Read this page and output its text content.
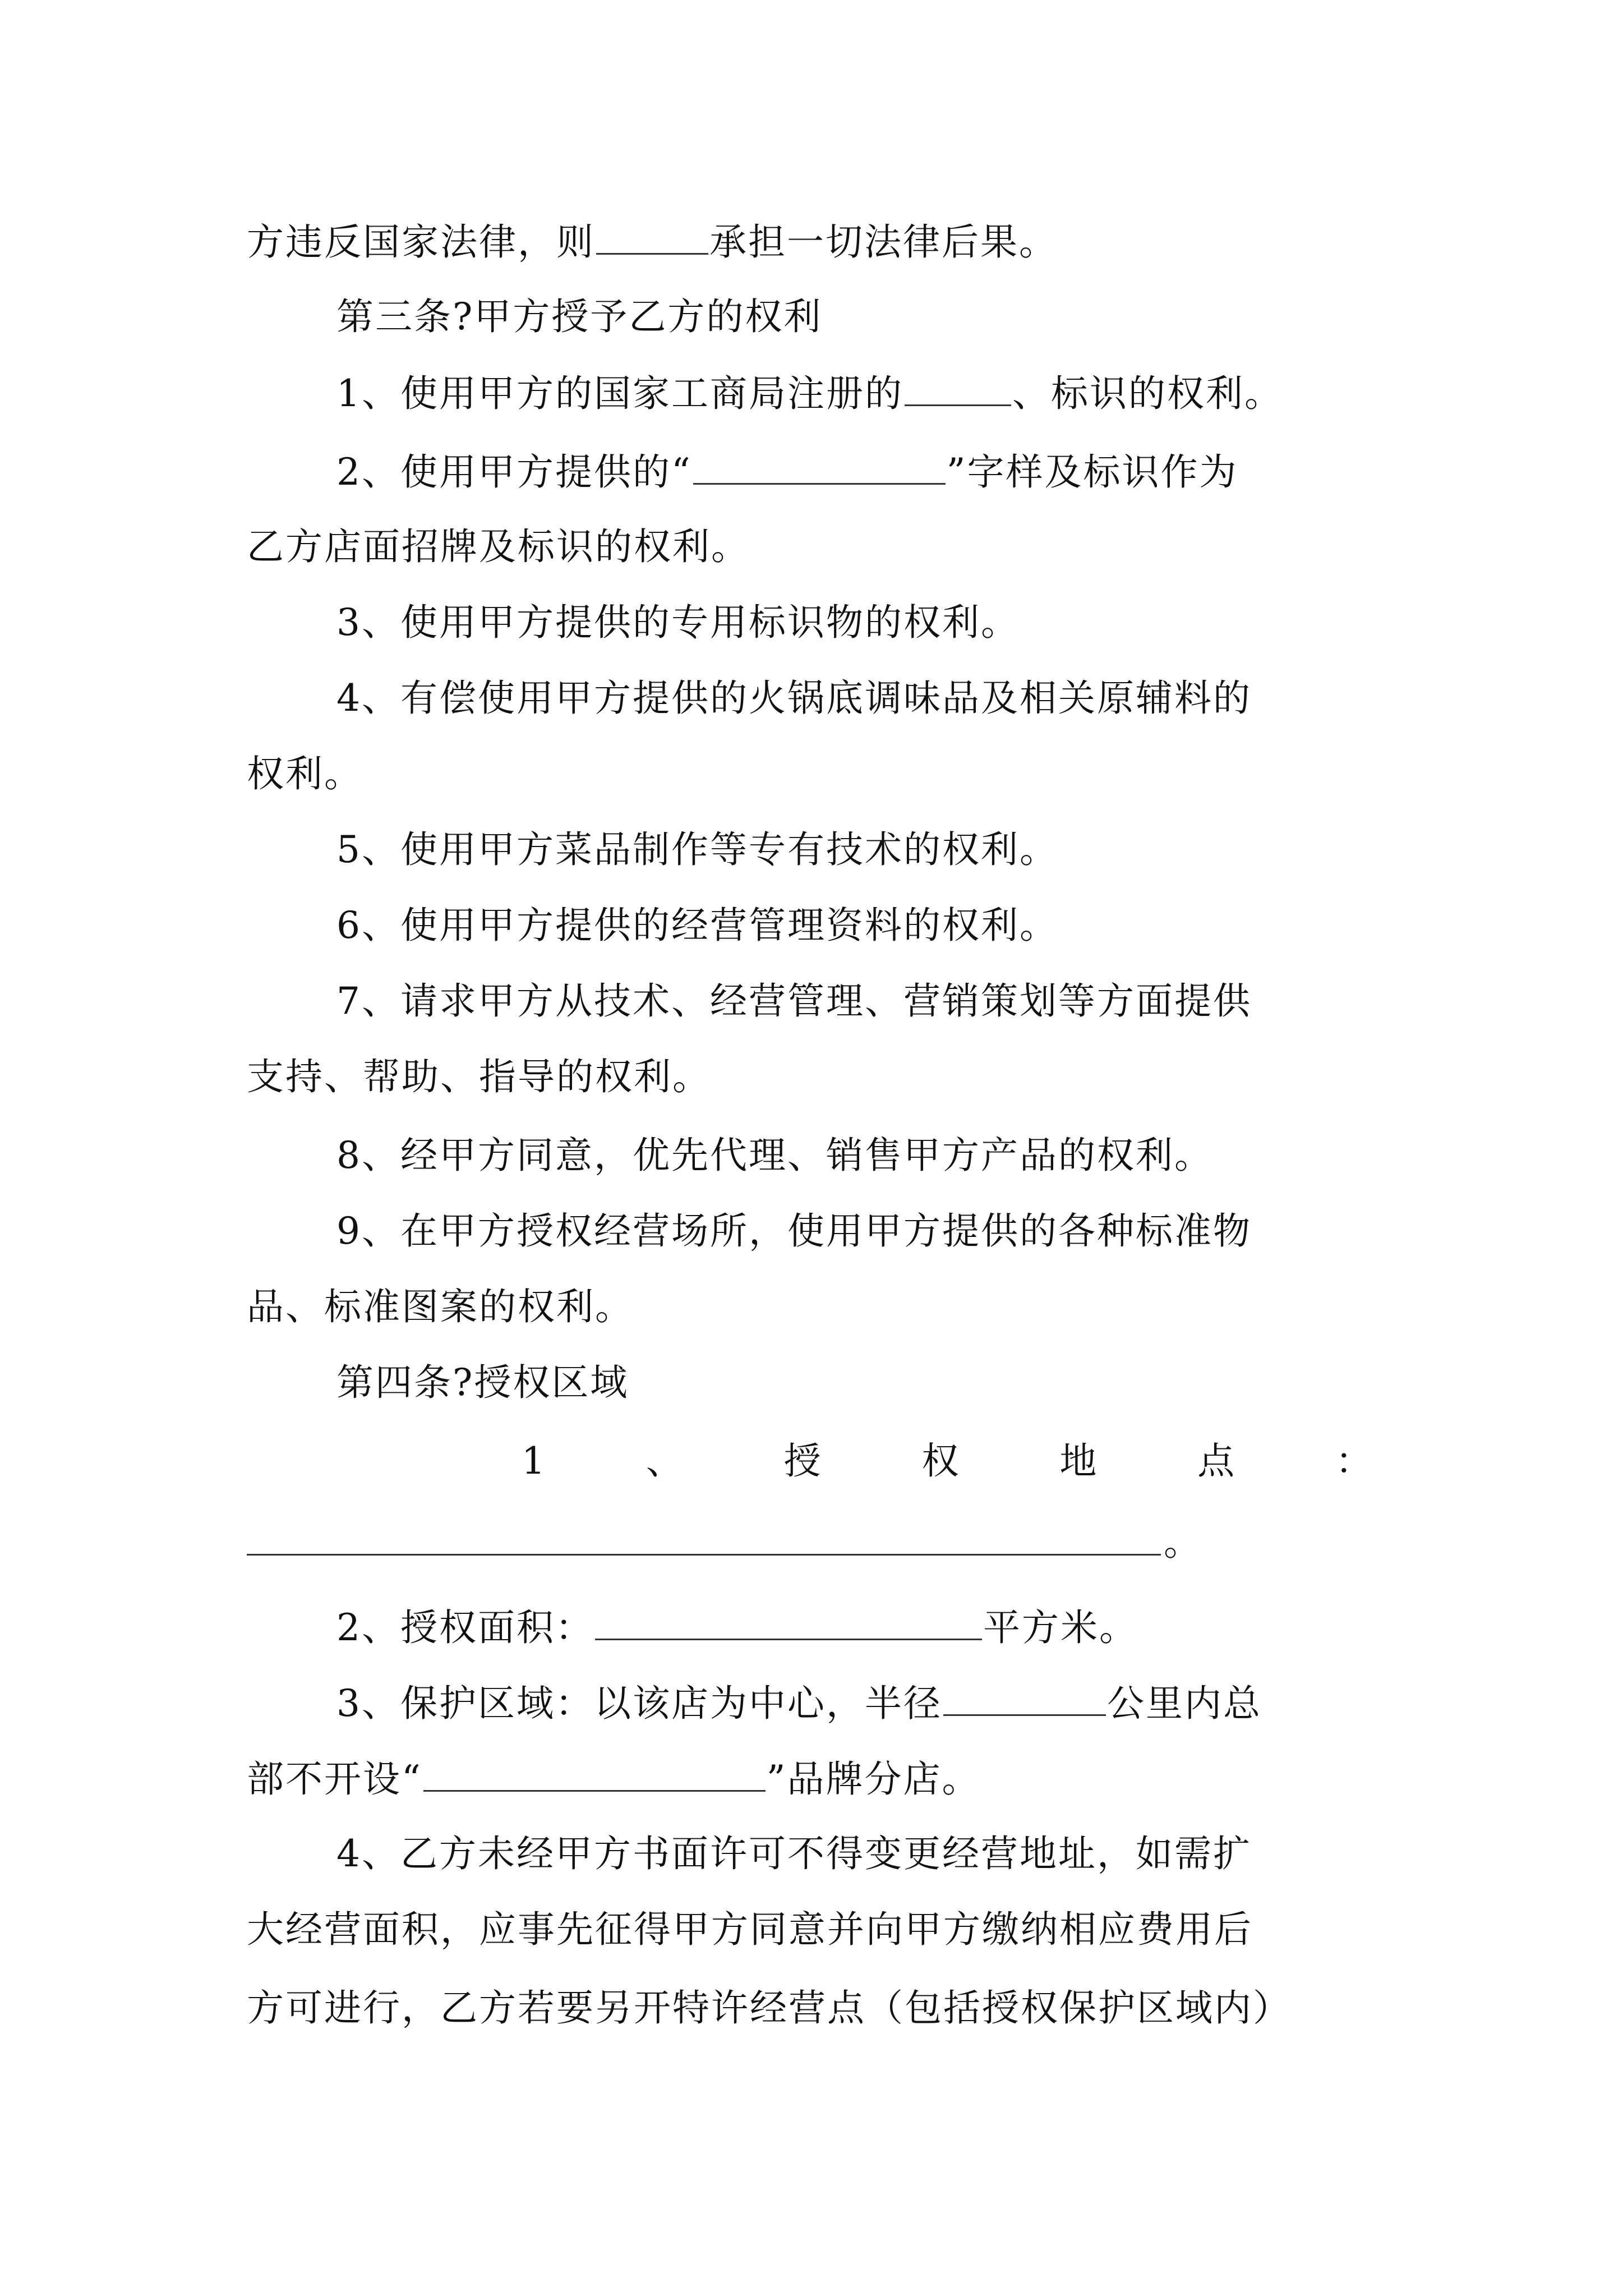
方违反国家法律，则	承担一切法律后果。
第三条?甲方授予乙方的权利
1、使用甲方的国家工商局注册的	、标识的权利。
2、使用甲方提供的“	”字样及标识作为
乙方店面招牌及标识的权利。
3、使用甲方提供的专用标识物的权利。
4、有偿使用甲方提供的火锅底调味品及相关原辅料的
权利。
5、使用甲方菜品制作等专有技术的权利。
6、使用甲方提供的经营管理资料的权利。
7、请求甲方从技术、经营管理、营销策划等方面提供
支持、帮助、指导的权利。
8、经甲方同意，优先代理、销售甲方产品的权利。
9、在甲方授权经营场所，使用甲方提供的各种标准物
品、标准图案的权利。
第四条?授权区域
1	、	授	权	地	点	：
。
2、授权面积：	平方米。
3、保护区域：以该店为中心，半径	公里内总
部不开设“	”品牌分店。
4、乙方未经甲方书面许可不得变更经营地址，如需扩
大经营面积，应事先征得甲方同意并向甲方缴纳相应费用后
方可进行，乙方若要另开特许经营点（包括授权保护区域内）
